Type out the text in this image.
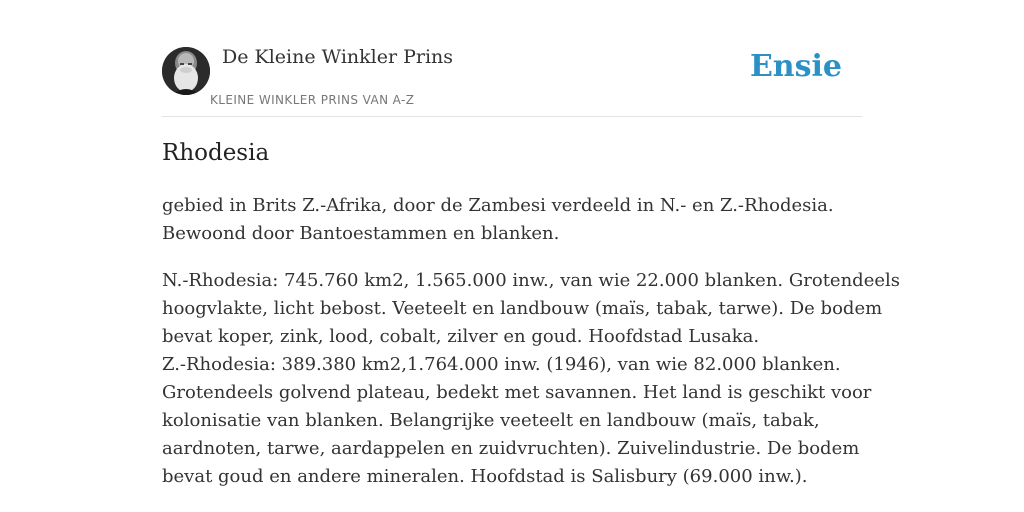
De Kleine Winkler Prins
KLEINE WINKLER PRINS VAN A-Z
Ensie
Rhodesia

gebied in Brits Z.-Afrika, door de Zambesi verdeeld in N.- en Z.-Rhodesia.
Bewoond door Bantoestammen en blanken.

N.-Rhodesia: 745.760 km2, 1.565.000 inw., van wie 22.000 blanken. Grotendeels
hoogvlakte, licht bebost. Veeteelt en landbouw (maïs, tabak, tarwe). De bodem
bevat koper, zink, lood, cobalt, zilver en goud. Hoofdstad Lusaka.
Z.-Rhodesia: 389.380 km2,1.764.000 inw. (1946), van wie 82.000 blanken.
Grotendeels golvend plateau, bedekt met savannen. Het land is geschikt voor
kolonisatie van blanken. Belangrijke veeteelt en landbouw (maïs, tabak,
aardnoten, tarwe, aardappelen en zuidvruchten). Zuivelindustrie. De bodem
bevat goud en andere mineralen. Hoofdstad is Salisbury (69.000 inw.).
